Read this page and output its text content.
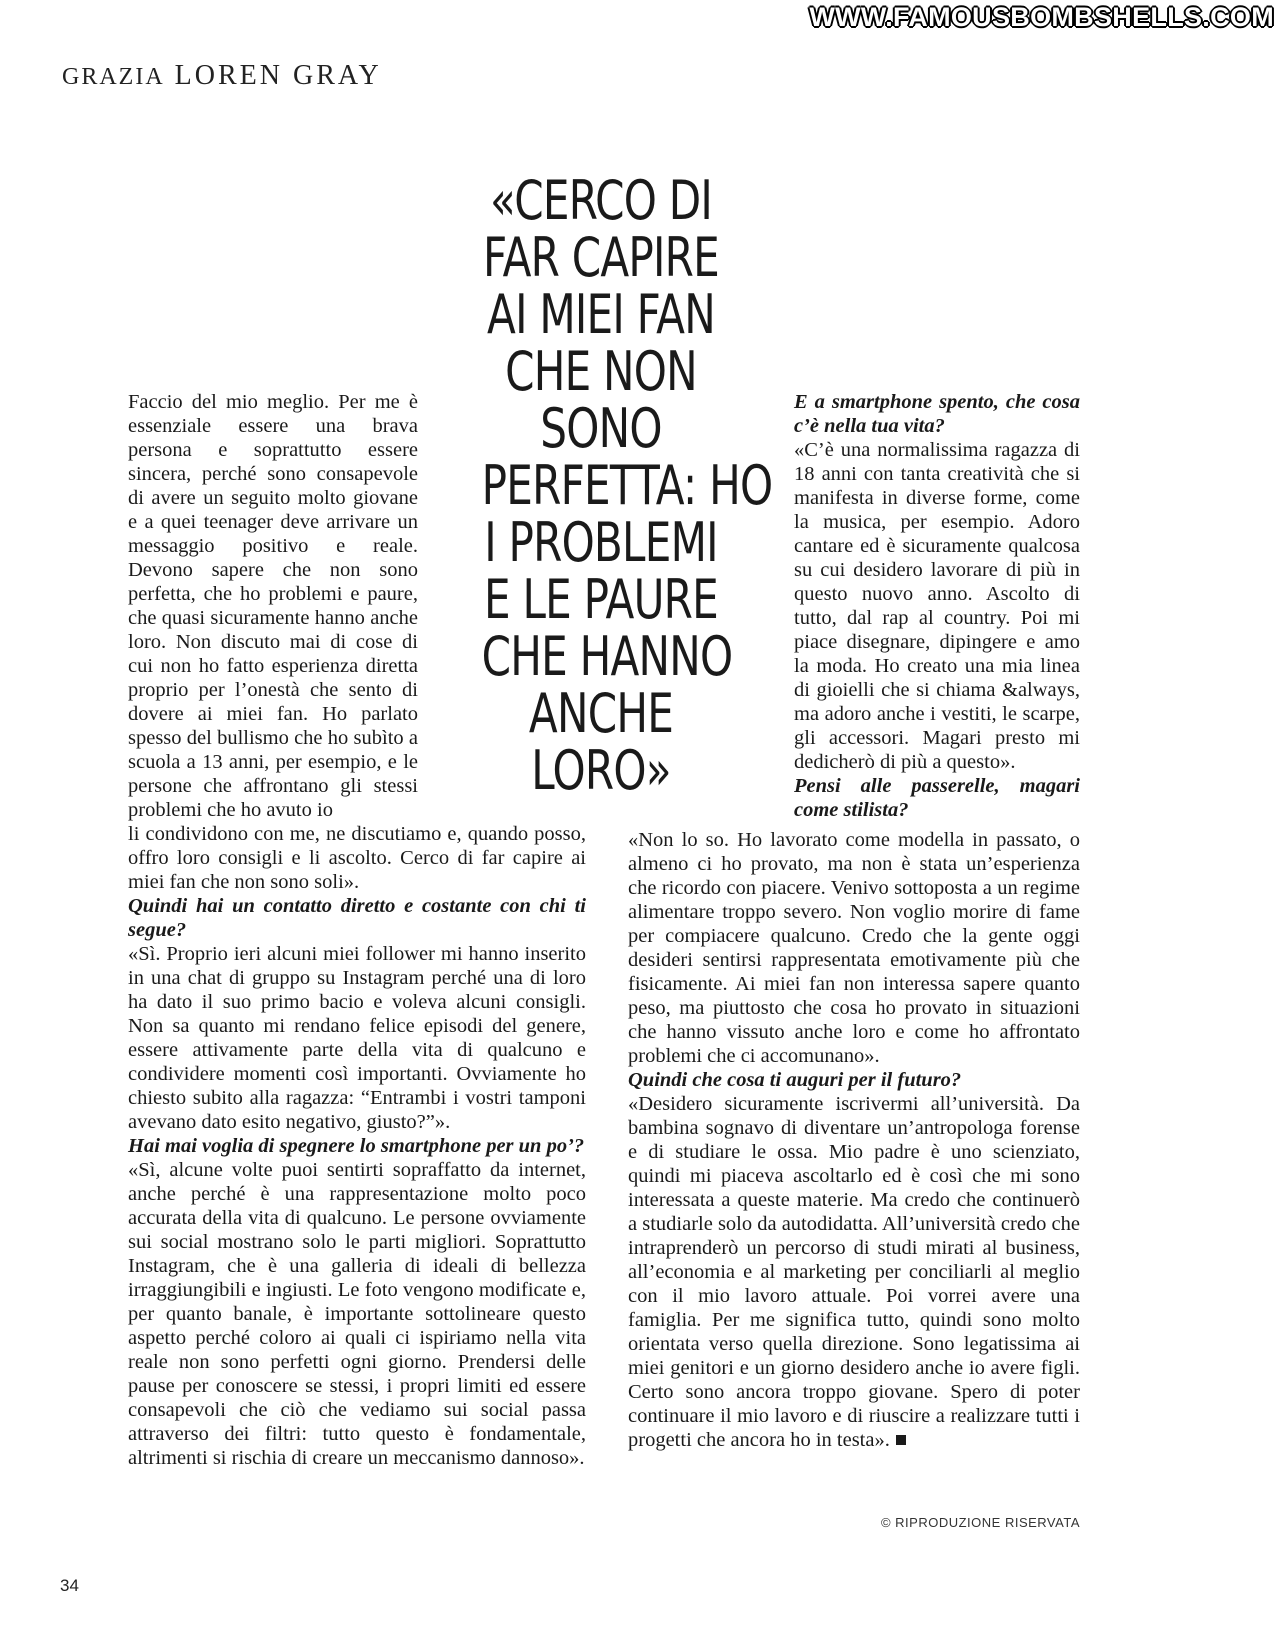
WWW.FAMOUSBOMBSHELLS.COM
GRAZIA LOREN GRAY
«CERCO DI
FAR CAPIRE
AI MIEI FAN
CHE NON
SONO
PERFETTA: HO
I PROBLEMI
E LE PAURE
CHE HANNO
ANCHE
LORO»

Faccio del mio meglio. Per me è essenziale essere una brava persona e soprattutto essere sincera, perché sono consapevole di avere un seguito molto giovane e a quei teenager deve arrivare un messaggio positivo e reale. Devono sapere che non sono perfetta, che ho problemi e paure, che quasi sicuramente hanno anche loro. Non discuto mai di cose di cui non ho fatto esperienza diretta proprio per l’onestà che sento di dovere ai miei fan. Ho parlato spesso del bullismo che ho subìto a scuola a 13 anni, per esempio, e le persone che affrontano gli stessi problemi che ho avuto io

li condividono con me, ne discutiamo e, quando posso, offro loro consigli e li ascolto. Cerco di far capire ai miei fan che non sono soli».

Quindi hai un contatto diretto e costante con chi ti segue?

«Sì. Proprio ieri alcuni miei follower mi hanno inserito in una chat di gruppo su Instagram perché una di loro ha dato il suo primo bacio e voleva alcuni consigli. Non sa quanto mi rendano felice episodi del genere, essere attivamente parte della vita di qualcuno e condividere momenti così importanti. Ovviamente ho chiesto subito alla ragazza: “Entrambi i vostri tamponi avevano dato esito negativo, giusto?”».

Hai mai voglia di spegnere lo smartphone per un po’?

«Sì, alcune volte puoi sentirti sopraffatto da internet, anche perché è una rappresentazione molto poco accurata della vita di qualcuno. Le persone ovviamente sui social mostrano solo le parti migliori. Soprattutto Instagram, che è una galleria di ideali di bellezza irraggiungibili e ingiusti. Le foto vengono modificate e, per quanto banale, è importante sottolineare questo aspetto perché coloro ai quali ci ispiriamo nella vita reale non sono perfetti ogni giorno. Prendersi delle pause per conoscere se stessi, i propri limiti ed essere consapevoli che ciò che vediamo sui social passa attraverso dei filtri: tutto questo è fondamentale, altrimenti si rischia di creare un meccanismo dannoso».

E a smartphone spento, che cosa c’è nella tua vita?

«C’è una normalissima ragazza di 18 anni con tanta creatività che si manifesta in diverse forme, come la musica, per esempio. Adoro cantare ed è sicuramente qualcosa su cui desidero lavorare di più in questo nuovo anno. Ascolto di tutto, dal rap al country. Poi mi piace disegnare, dipingere e amo la moda. Ho creato una mia linea di gioielli che si chiama &always, ma adoro anche i vestiti, le scarpe, gli accessori. Magari presto mi dedicherò di più a questo».

Pensi alle passerelle, magari come stilista?

«Non lo so. Ho lavorato come modella in passato, o almeno ci ho provato, ma non è stata un’esperienza che ricordo con piacere. Venivo sottoposta a un regime alimentare troppo severo. Non voglio morire di fame per compiacere qualcuno. Credo che la gente oggi desideri sentirsi rappresentata emotivamente più che fisicamente. Ai miei fan non interessa sapere quanto peso, ma piuttosto che cosa ho provato in situazioni che hanno vissuto anche loro e come ho affrontato problemi che ci accomunano».

Quindi che cosa ti auguri per il futuro?

«Desidero sicuramente iscrivermi all’università. Da bambina sognavo di diventare un’antropologa forense e di studiare le ossa. Mio padre è uno scienziato, quindi mi piaceva ascoltarlo ed è così che mi sono interessata a queste materie. Ma credo che continuerò a studiarle solo da autodidatta. All’università credo che intraprenderò un percorso di studi mirati al business, all’economia e al marketing per conciliarli al meglio con il mio lavoro attuale. Poi vorrei avere una famiglia. Per me significa tutto, quindi sono molto orientata verso quella direzione. Sono legatissima ai miei genitori e un giorno desidero anche io avere figli. Certo sono ancora troppo giovane. Spero di poter continuare il mio lavoro e di riuscire a realizzare tutti i progetti che ancora ho in testa».

© RIPRODUZIONE RISERVATA
34
